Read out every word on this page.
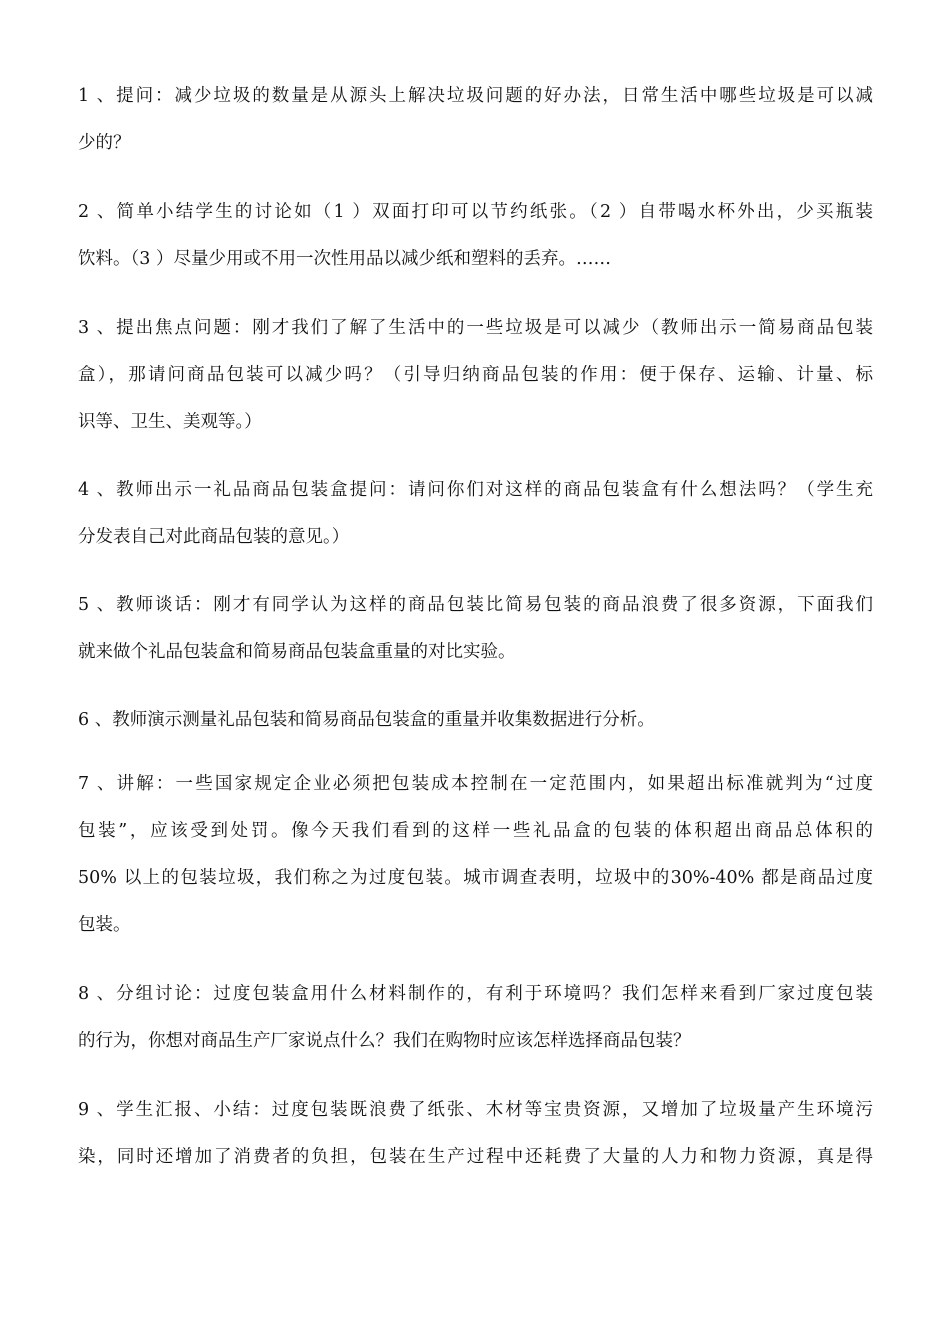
1 、提问：减少垃圾的数量是从源头上解决垃圾问题的好办法，日常生活中哪些垃圾是可以减
少的？
2 、简单小结学生的讨论如（1 ）双面打印可以节约纸张。（2 ）自带喝水杯外出，少买瓶装
饮料。（3 ）尽量少用或不用一次性用品以减少纸和塑料的丢弃。……
3 、提出焦点问题：刚才我们了解了生活中的一些垃圾是可以减少（教师出示一简易商品包装
盒），那请问商品包装可以减少吗？（引导归纳商品包装的作用：便于保存、运输、计量、标
识等、卫生、美观等。）
4 、教师出示一礼品商品包装盒提问：请问你们对这样的商品包装盒有什么想法吗？（学生充
分发表自己对此商品包装的意见。）
5 、教师谈话：刚才有同学认为这样的商品包装比简易包装的商品浪费了很多资源，下面我们
就来做个礼品包装盒和简易商品包装盒重量的对比实验。
6 、教师演示测量礼品包装和简易商品包装盒的重量并收集数据进行分析。
7 、讲解：一些国家规定企业必须把包装成本控制在一定范围内，如果超出标准就判为“过度
包装”，应该受到处罚。像今天我们看到的这样一些礼品盒的包装的体积超出商品总体积的
50% 以上的包装垃圾，我们称之为过度包装。城市调查表明，垃圾中的30%-40% 都是商品过度
包装。
8 、分组讨论：过度包装盒用什么材料制作的，有利于环境吗？我们怎样来看到厂家过度包装
的行为，你想对商品生产厂家说点什么？我们在购物时应该怎样选择商品包装？
9 、学生汇报、小结：过度包装既浪费了纸张、木材等宝贵资源，又增加了垃圾量产生环境污
染，同时还增加了消费者的负担，包装在生产过程中还耗费了大量的人力和物力资源，真是得
